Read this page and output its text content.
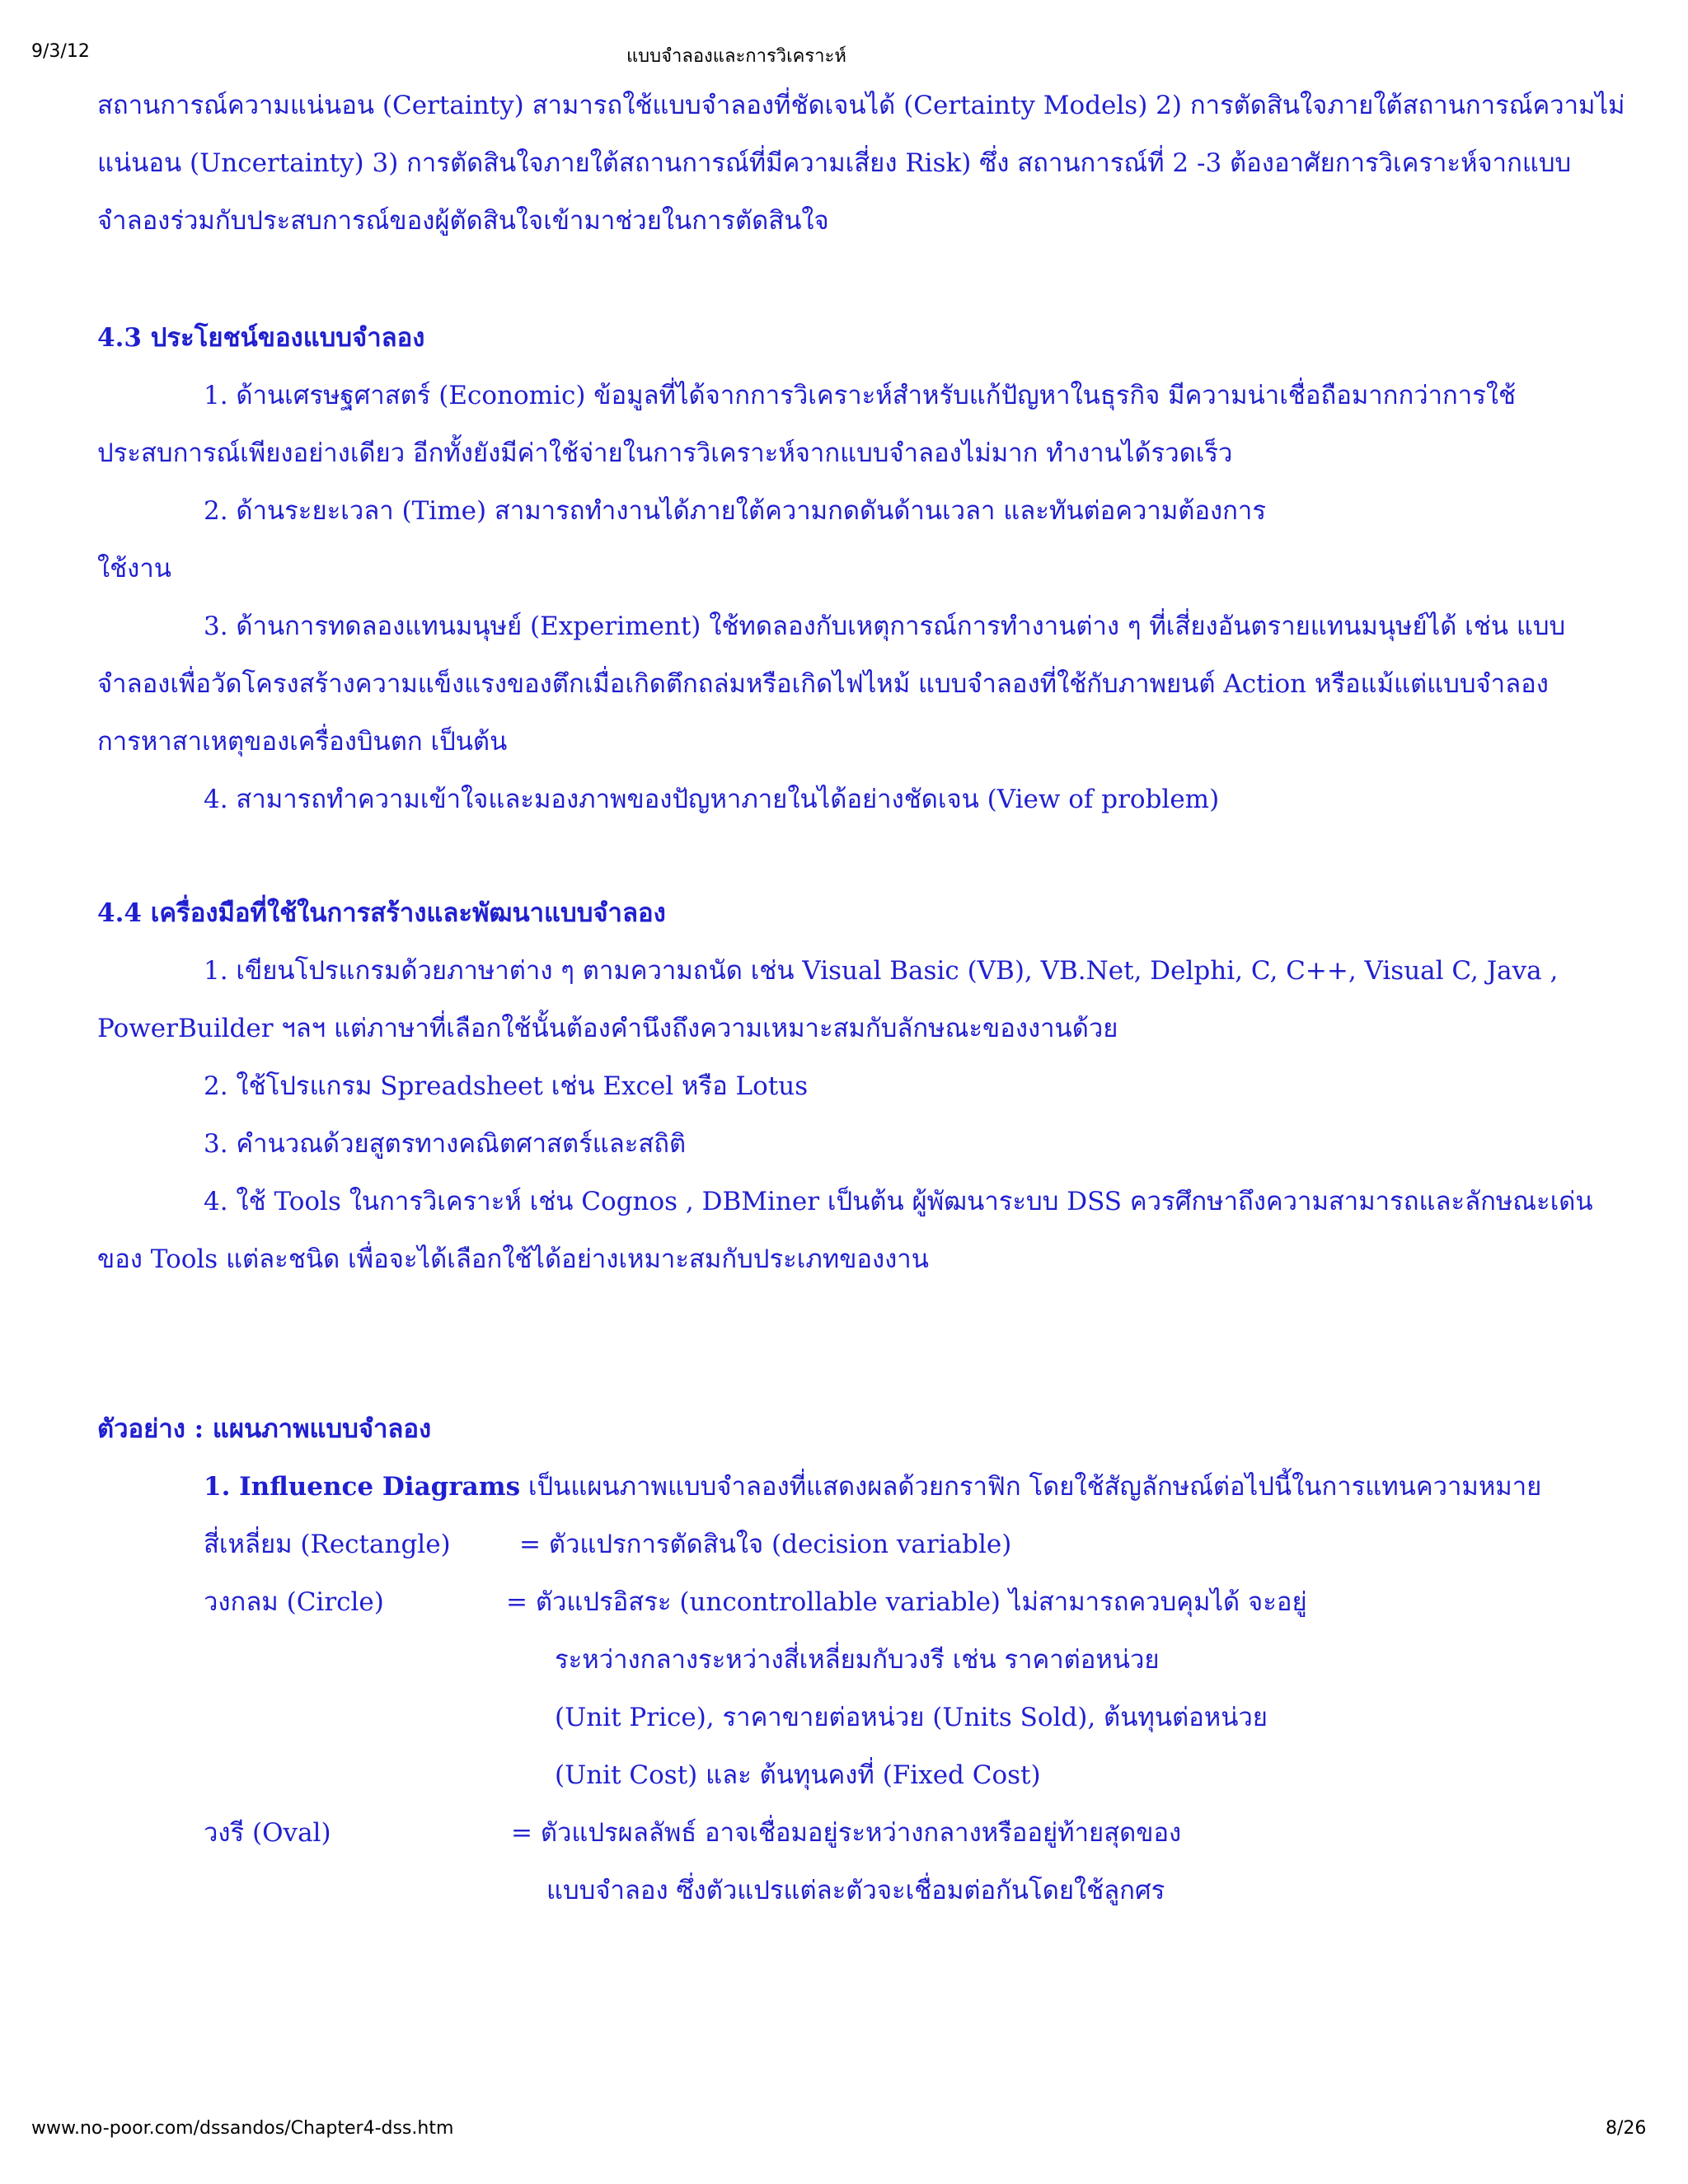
9/3/12	แบบจำลองและการวิเคราะห์
สถานการณ์ความแน่นอน (Certainty) สามารถใช้แบบจำลองที่ชัดเจนได้ (Certainty Models) 2) การตัดสินใจภายใต้สถานการณ์ความไม่
แน่นอน (Uncertainty) 3) การตัดสินใจภายใต้สถานการณ์ที่มีความเสี่ยง Risk) ซึ่ง สถานการณ์ที่ 2 -3 ต้องอาศัยการวิเคราะห์จากแบบ
จำลองร่วมกับประสบการณ์ของผู้ตัดสินใจเข้ามาช่วยในการตัดสินใจ
4.3 ประโยชน์ของแบบจำลอง
1. ด้านเศรษฐศาสตร์ (Economic) ข้อมูลที่ได้จากการวิเคราะห์สำหรับแก้ปัญหาในธุรกิจ มีความน่าเชื่อถือมากกว่าการใช้
ประสบการณ์เพียงอย่างเดียว อีกทั้งยังมีค่าใช้จ่ายในการวิเคราะห์จากแบบจำลองไม่มาก ทำงานได้รวดเร็ว
2. ด้านระยะเวลา (Time) สามารถทำงานได้ภายใต้ความกดดันด้านเวลา และทันต่อความต้องการ
ใช้งาน
3. ด้านการทดลองแทนมนุษย์ (Experiment) ใช้ทดลองกับเหตุการณ์การทำงานต่าง ๆ ที่เสี่ยงอันตรายแทนมนุษย์ได้ เช่น แบบ
จำลองเพื่อวัดโครงสร้างความแข็งแรงของตึกเมื่อเกิดตึกถล่มหรือเกิดไฟไหม้ แบบจำลองที่ใช้กับภาพยนต์ Action หรือแม้แต่แบบจำลอง
การหาสาเหตุของเครื่องบินตก เป็นต้น
4. สามารถทำความเข้าใจและมองภาพของปัญหาภายในได้อย่างชัดเจน (View of problem)
4.4 เครื่องมือที่ใช้ในการสร้างและพัฒนาแบบจำลอง
1. เขียนโปรแกรมด้วยภาษาต่าง ๆ ตามความถนัด เช่น Visual Basic (VB), VB.Net, Delphi, C, C++, Visual C, Java ,
PowerBuilder ฯลฯ แต่ภาษาที่เลือกใช้นั้นต้องคำนึงถึงความเหมาะสมกับลักษณะของงานด้วย
2. ใช้โปรแกรม Spreadsheet เช่น Excel หรือ Lotus
3. คำนวณด้วยสูตรทางคณิตศาสตร์และสถิติ
4. ใช้ Tools ในการวิเคราะห์ เช่น Cognos , DBMiner เป็นต้น ผู้พัฒนาระบบ DSS ควรศึกษาถึงความสามารถและลักษณะเด่น
ของ Tools แต่ละชนิด เพื่อจะได้เลือกใช้ได้อย่างเหมาะสมกับประเภทของงาน
ตัวอย่าง : แผนภาพแบบจำลอง
1. Influence Diagrams เป็นแผนภาพแบบจำลองที่แสดงผลด้วยกราฟิก โดยใช้สัญลักษณ์ต่อไปนี้ในการแทนความหมาย
สี่เหลี่ยม (Rectangle)	= ตัวแปรการตัดสินใจ (decision variable)
วงกลม (Circle)	= ตัวแปรอิสระ (uncontrollable variable) ไม่สามารถควบคุมได้ จะอยู่
ระหว่างกลางระหว่างสี่เหลี่ยมกับวงรี เช่น ราคาต่อหน่วย
(Unit Price), ราคาขายต่อหน่วย (Units Sold), ต้นทุนต่อหน่วย
(Unit Cost) และ ต้นทุนคงที่ (Fixed Cost)
วงรี (Oval)	= ตัวแปรผลลัพธ์ อาจเชื่อมอยู่ระหว่างกลางหรืออยู่ท้ายสุดของ
แบบจำลอง ซึ่งตัวแปรแต่ละตัวจะเชื่อมต่อกันโดยใช้ลูกศร
www.no-poor.com/dssandos/Chapter4-dss.htm	8/26
